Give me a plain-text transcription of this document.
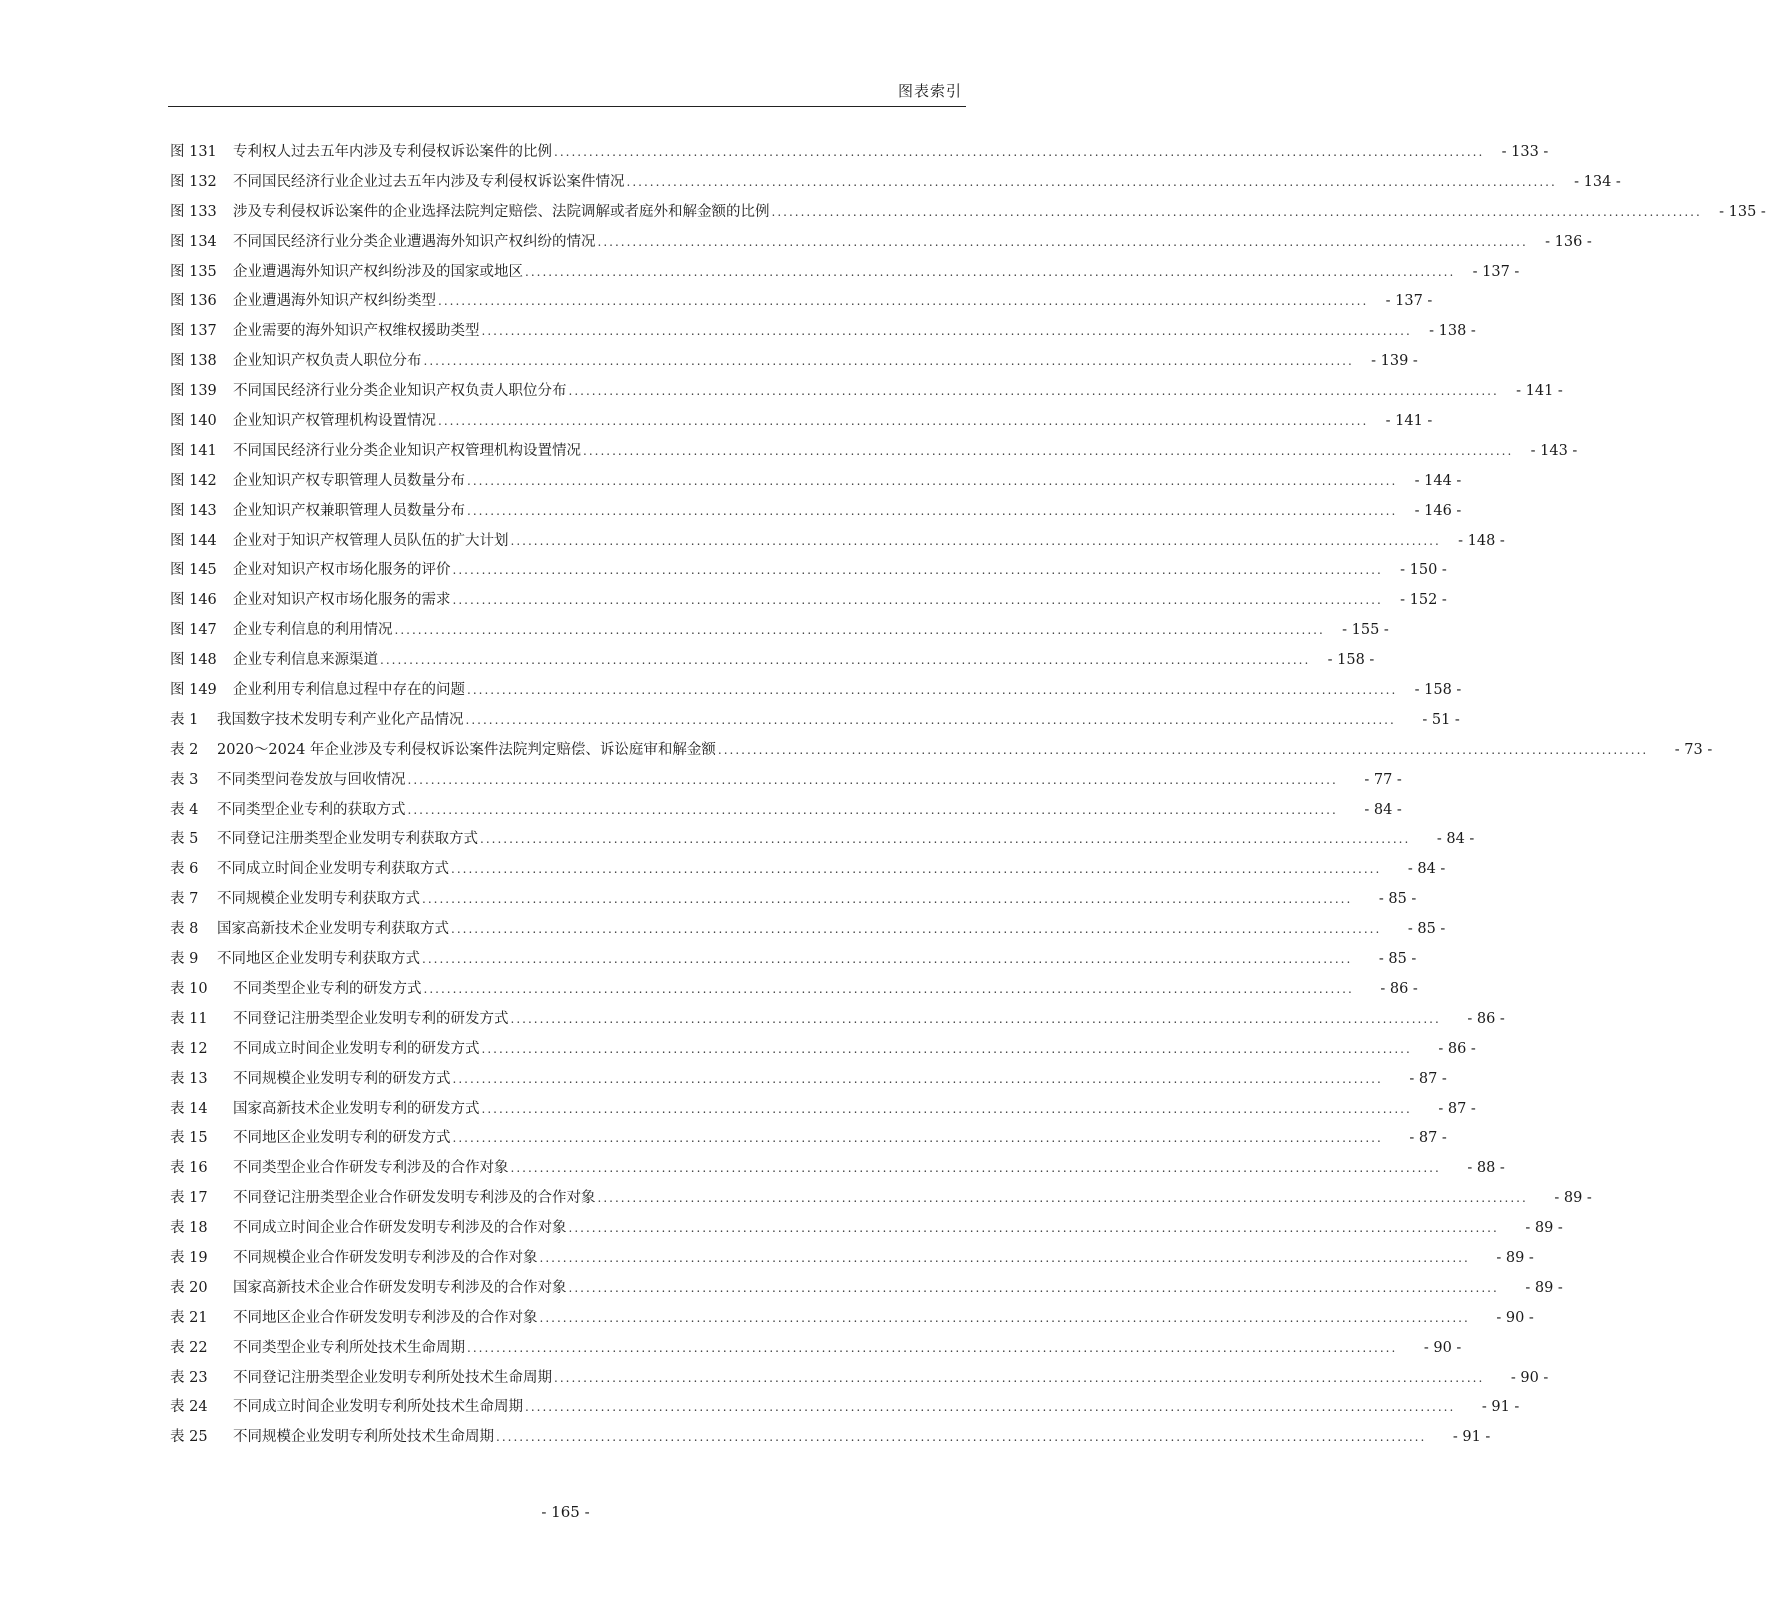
图表索引
图 131	专利权人过去五年内涉及专利侵权诉讼案件的比例 .....	- 133 -
图 132	不同国民经济行业企业过去五年内涉及专利侵权诉讼案件情况 .....	- 134 -
图 133	涉及专利侵权诉讼案件的企业选择法院判定赔偿、法院调解或者庭外和解金额的比例 .....	- 135 -
图 134	不同国民经济行业分类企业遭遇海外知识产权纠纷的情况 .....	- 136 -
图 135	企业遭遇海外知识产权纠纷涉及的国家或地区 .....	- 137 -
图 136	企业遭遇海外知识产权纠纷类型 .....	- 137 -
图 137	企业需要的海外知识产权维权援助类型 .....	- 138 -
图 138	企业知识产权负责人职位分布 .....	- 139 -
图 139	不同国民经济行业分类企业知识产权负责人职位分布 .....	- 141 -
图 140	企业知识产权管理机构设置情况 .....	- 141 -
图 141	不同国民经济行业分类企业知识产权管理机构设置情况 .....	- 143 -
图 142	企业知识产权专职管理人员数量分布 .....	- 144 -
图 143	企业知识产权兼职管理人员数量分布 .....	- 146 -
图 144	企业对于知识产权管理人员队伍的扩大计划 .....	- 148 -
图 145	企业对知识产权市场化服务的评价 .....	- 150 -
图 146	企业对知识产权市场化服务的需求 .....	- 152 -
图 147	企业专利信息的利用情况 .....	- 155 -
图 148	企业专利信息来源渠道 .....	- 158 -
图 149	企业利用专利信息过程中存在的问题 .....	- 158 -
表 1	我国数字技术发明专利产业化产品情况 .....	- 51 -
表 2	2020～2024 年企业涉及专利侵权诉讼案件法院判定赔偿、诉讼庭审和解金额 .....	- 73 -
表 3	不同类型问卷发放与回收情况 .....	- 77 -
表 4	不同类型企业专利的获取方式 .....	- 84 -
表 5	不同登记注册类型企业发明专利获取方式 .....	- 84 -
表 6	不同成立时间企业发明专利获取方式 .....	- 84 -
表 7	不同规模企业发明专利获取方式 .....	- 85 -
表 8	国家高新技术企业发明专利获取方式 .....	- 85 -
表 9	不同地区企业发明专利获取方式 .....	- 85 -
表 10	不同类型企业专利的研发方式 .....	- 86 -
表 11	不同登记注册类型企业发明专利的研发方式 .....	- 86 -
表 12	不同成立时间企业发明专利的研发方式 .....	- 86 -
表 13	不同规模企业发明专利的研发方式 .....	- 87 -
表 14	国家高新技术企业发明专利的研发方式 .....	- 87 -
表 15	不同地区企业发明专利的研发方式 .....	- 87 -
表 16	不同类型企业合作研发专利涉及的合作对象 .....	- 88 -
表 17	不同登记注册类型企业合作研发发明专利涉及的合作对象 .....	- 89 -
表 18	不同成立时间企业合作研发发明专利涉及的合作对象 .....	- 89 -
表 19	不同规模企业合作研发发明专利涉及的合作对象 .....	- 89 -
表 20	国家高新技术企业合作研发发明专利涉及的合作对象 .....	- 89 -
表 21	不同地区企业合作研发发明专利涉及的合作对象 .....	- 90 -
表 22	不同类型企业专利所处技术生命周期 .....	- 90 -
表 23	不同登记注册类型企业发明专利所处技术生命周期 .....	- 90 -
表 24	不同成立时间企业发明专利所处技术生命周期 .....	- 91 -
表 25	不同规模企业发明专利所处技术生命周期 .....	- 91 -
- 165 -
